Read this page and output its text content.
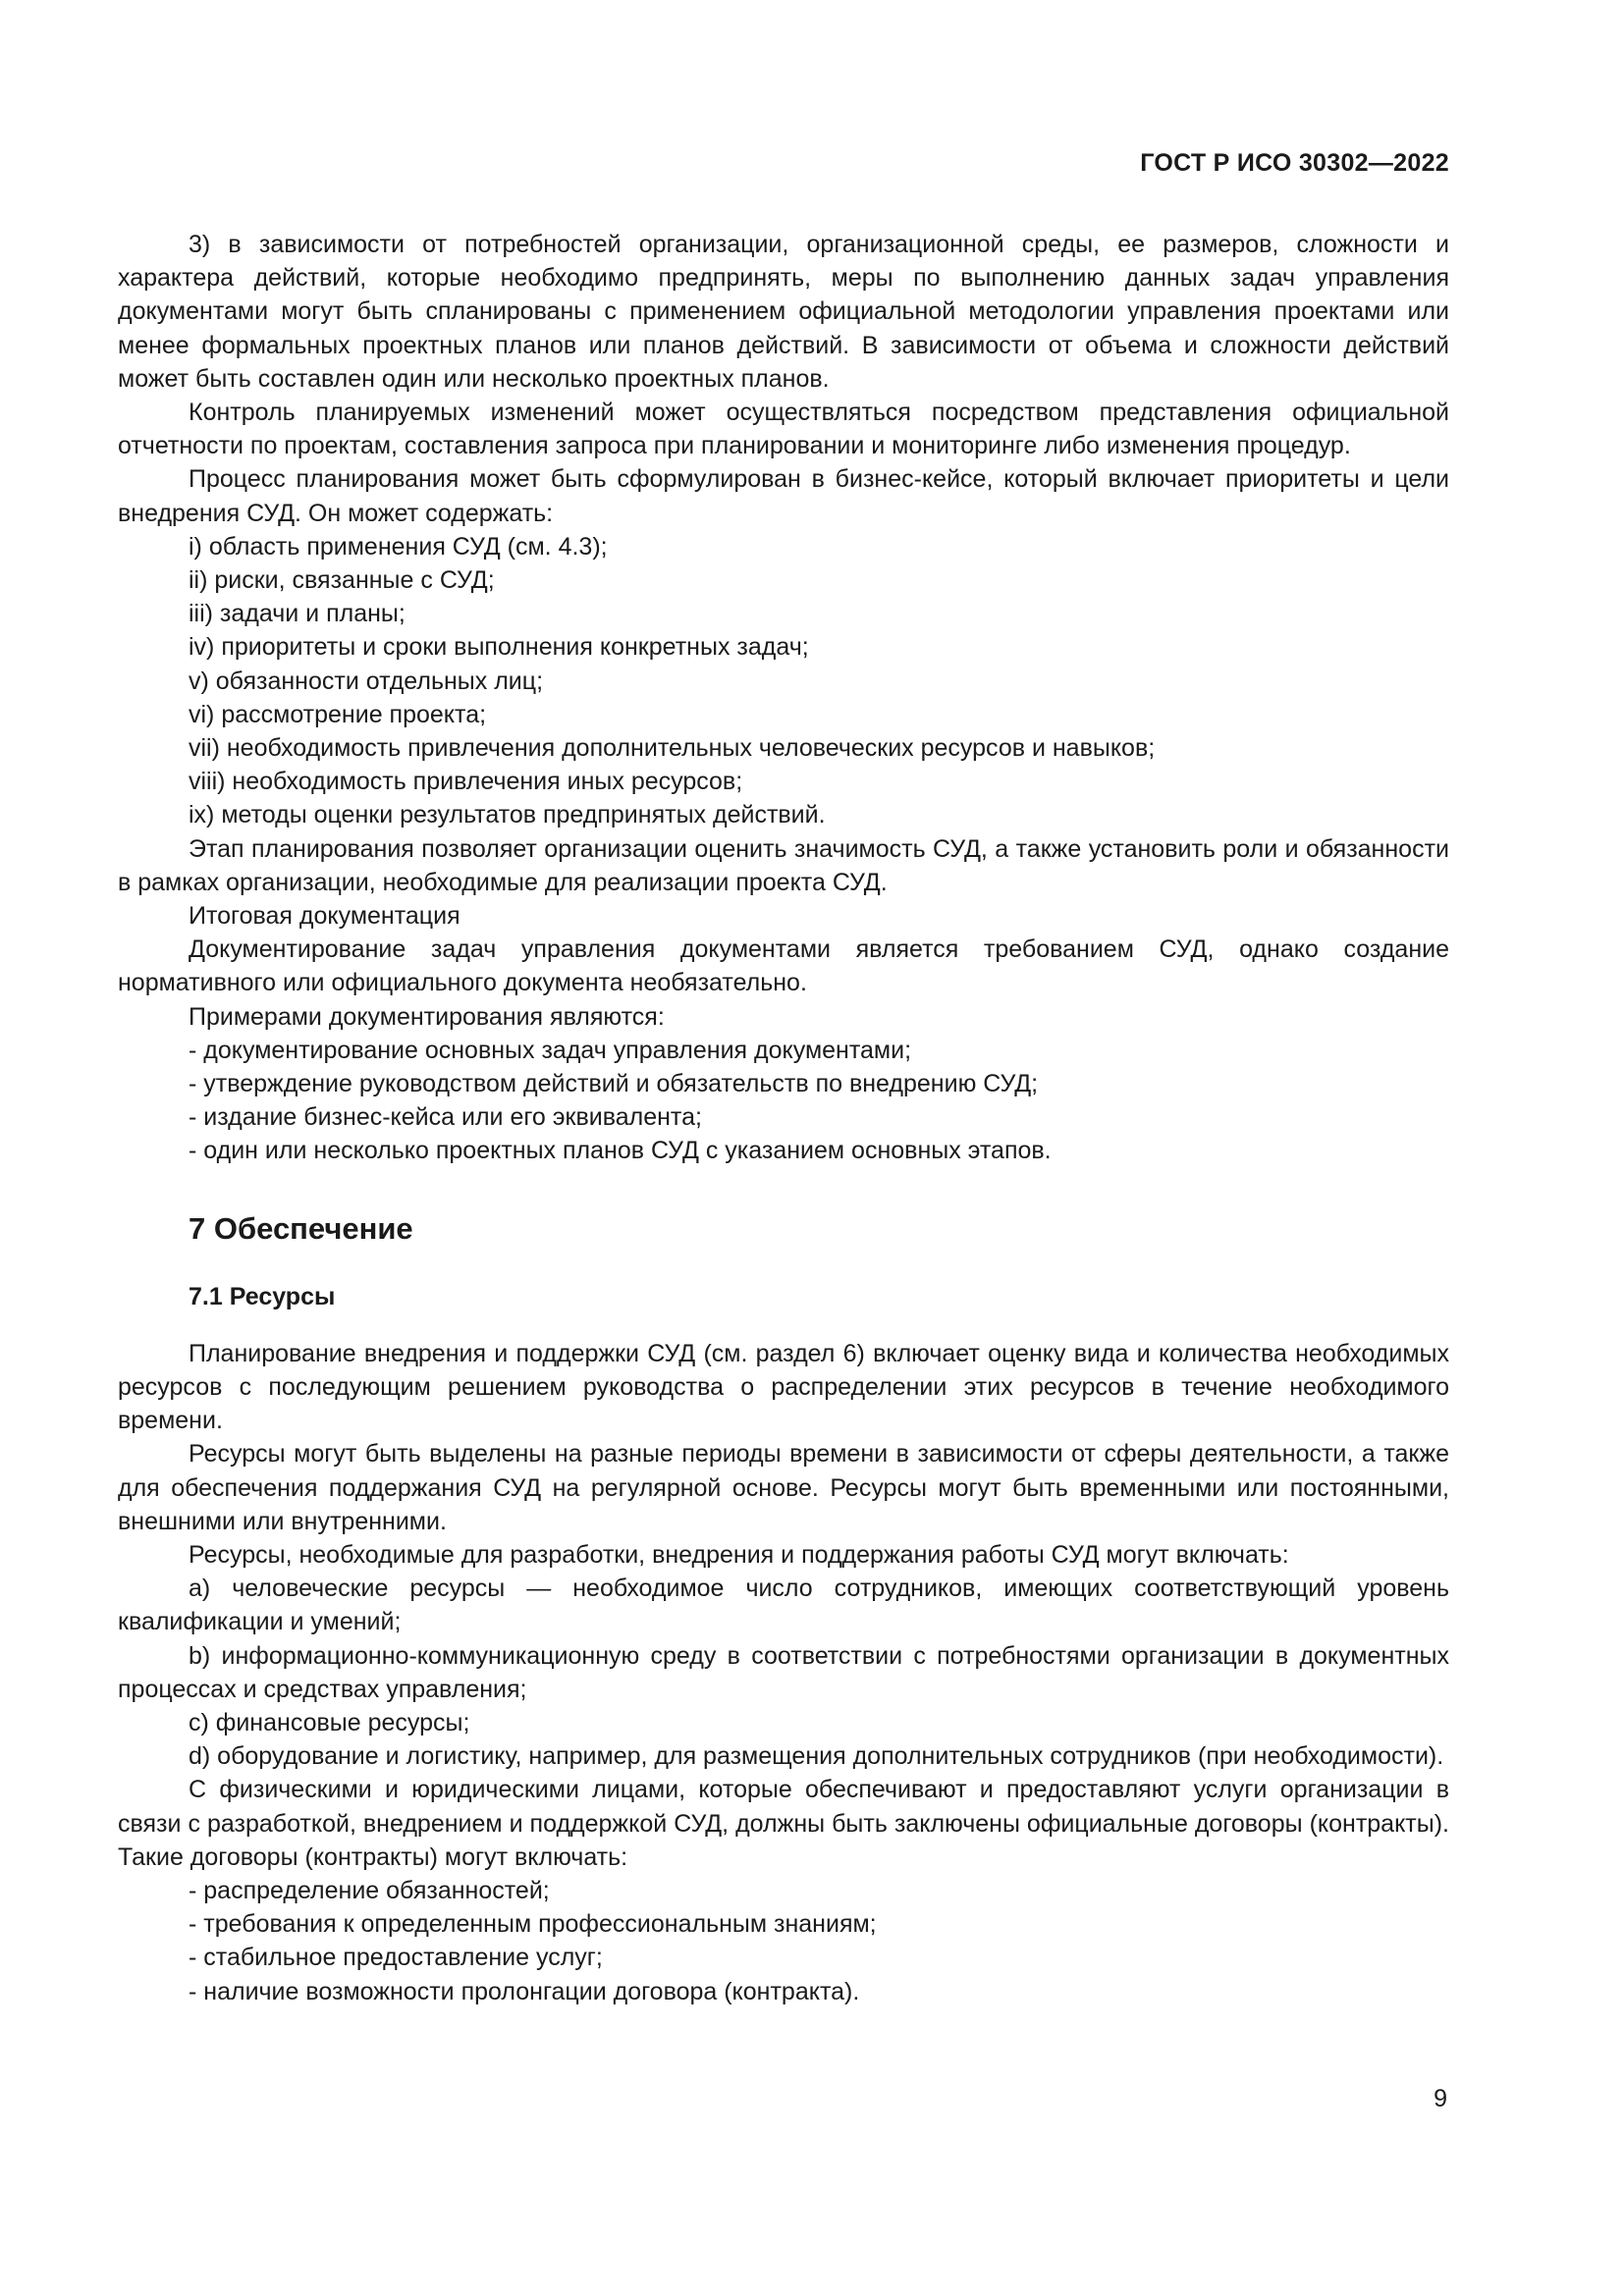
ГОСТ Р ИСО 30302—2022

3) в зависимости от потребностей организации, организационной среды, ее размеров, сложности и характера действий, которые необходимо предпринять, меры по выполнению данных задач управления документами могут быть спланированы с применением официальной методологии управления проектами или менее формальных проектных планов или планов действий. В зависимости от объема и сложности действий может быть составлен один или несколько проектных планов.

Контроль планируемых изменений может осуществляться посредством представления официальной отчетности по проектам, составления запроса при планировании и мониторинге либо изменения процедур.

Процесс планирования может быть сформулирован в бизнес-кейсе, который включает приоритеты и цели внедрения СУД. Он может содержать:

i) область применения СУД (см. 4.3);

ii) риски, связанные с СУД;

iii) задачи и планы;

iv) приоритеты и сроки выполнения конкретных задач;

v) обязанности отдельных лиц;

vi) рассмотрение проекта;

vii) необходимость привлечения дополнительных человеческих ресурсов и навыков;

viii) необходимость привлечения иных ресурсов;

ix) методы оценки результатов предпринятых действий.

Этап планирования позволяет организации оценить значимость СУД, а также установить роли и обязанности в рамках организации, необходимые для реализации проекта СУД.

Итоговая документация

Документирование задач управления документами является требованием СУД, однако создание нормативного или официального документа необязательно.

Примерами документирования являются:

- документирование основных задач управления документами;

- утверждение руководством действий и обязательств по внедрению СУД;

- издание бизнес-кейса или его эквивалента;

- один или несколько проектных планов СУД с указанием основных этапов.

7 Обеспечение
7.1 Ресурсы

Планирование внедрения и поддержки СУД (см. раздел 6) включает оценку вида и количества необходимых ресурсов с последующим решением руководства о распределении этих ресурсов в течение необходимого времени.

Ресурсы могут быть выделены на разные периоды времени в зависимости от сферы деятельности, а также для обеспечения поддержания СУД на регулярной основе. Ресурсы могут быть временными или постоянными, внешними или внутренними.

Ресурсы, необходимые для разработки, внедрения и поддержания работы СУД могут включать:

a) человеческие ресурсы — необходимое число сотрудников, имеющих соответствующий уровень квалификации и умений;

b) информационно-коммуникационную среду в соответствии с потребностями организации в документных процессах и средствах управления;

c) финансовые ресурсы;

d) оборудование и логистику, например, для размещения дополнительных сотрудников (при необходимости).

С физическими и юридическими лицами, которые обеспечивают и предоставляют услуги организации в связи с разработкой, внедрением и поддержкой СУД, должны быть заключены официальные договоры (контракты). Такие договоры (контракты) могут включать:

- распределение обязанностей;

- требования к определенным профессиональным знаниям;

- стабильное предоставление услуг;

- наличие возможности пролонгации договора (контракта).

9
